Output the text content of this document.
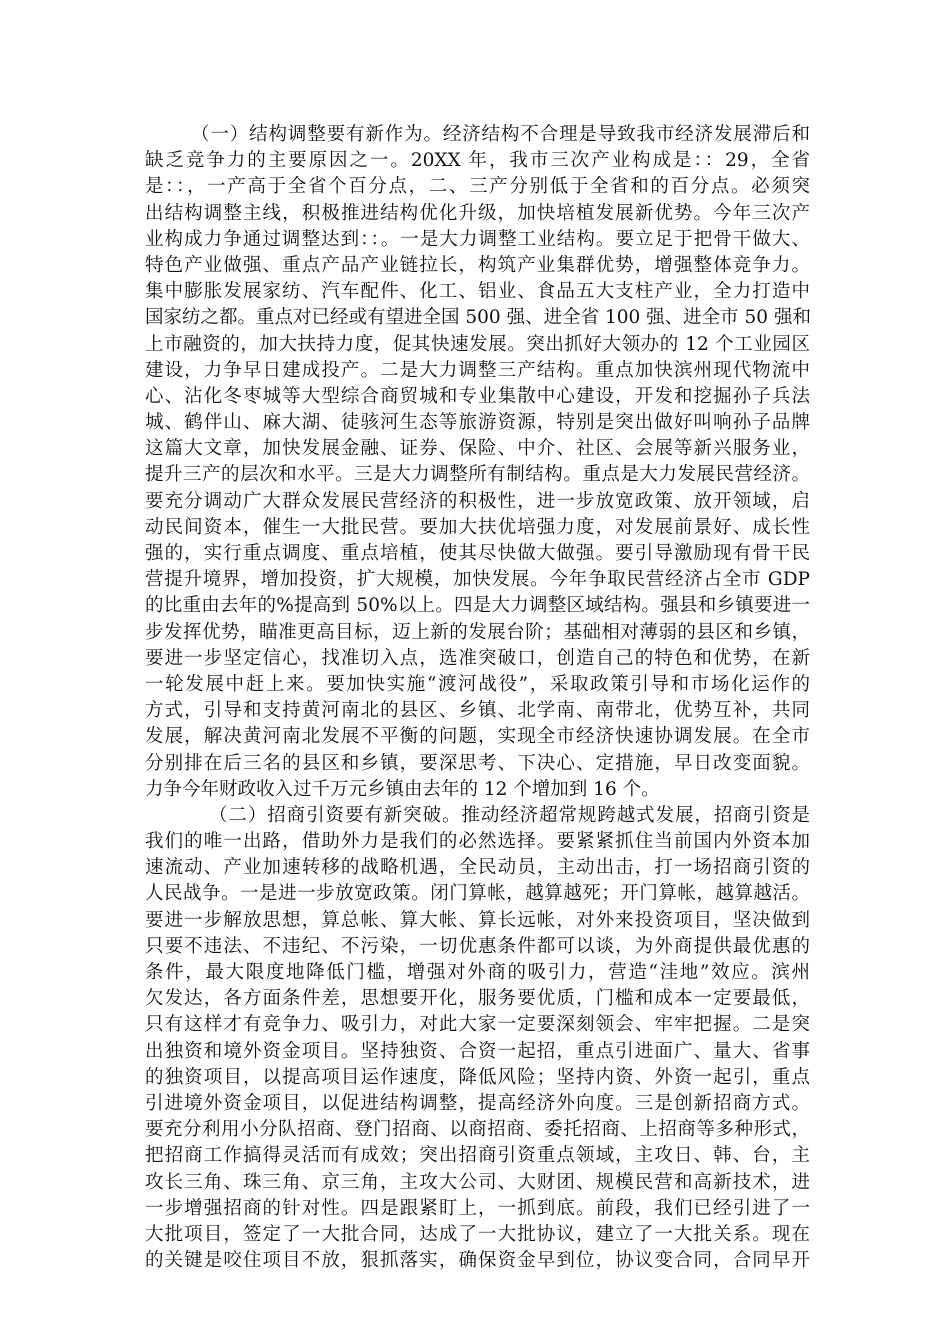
（一）结构调整要有新作为。经济结构不合理是导致我市经济发展滞后和
缺乏竞争力的主要原因之一。20XX 年，我市三次产业构成是：：29，全省
是：：，一产高于全省个百分点，二、三产分别低于全省和的百分点。必须突
出结构调整主线，积极推进结构优化升级，加快培植发展新优势。今年三次产
业构成力争通过调整达到：：。一是大力调整工业结构。要立足于把骨干做大、
特色产业做强、重点产品产业链拉长，构筑产业集群优势，增强整体竞争力。
集中膨胀发展家纺、汽车配件、化工、铝业、食品五大支柱产业，全力打造中
国家纺之都。重点对已经或有望进全国 500 强、进全省 100 强、进全市 50 强和
上市融资的，加大扶持力度，促其快速发展。突出抓好大领办的 12 个工业园区
建设，力争早日建成投产。二是大力调整三产结构。重点加快滨州现代物流中
心、沾化冬枣城等大型综合商贸城和专业集散中心建设，开发和挖掘孙子兵法
城、鹤伴山、麻大湖、徒骇河生态等旅游资源，特别是突出做好叫响孙子品牌
这篇大文章，加快发展金融、证券、保险、中介、社区、会展等新兴服务业，
提升三产的层次和水平。三是大力调整所有制结构。重点是大力发展民营经济。
要充分调动广大群众发展民营经济的积极性，进一步放宽政策、放开领域，启
动民间资本，催生一大批民营。要加大扶优培强力度，对发展前景好、成长性
强的，实行重点调度、重点培植，使其尽快做大做强。要引导激励现有骨干民
营提升境界，增加投资，扩大规模，加快发展。今年争取民营经济占全市 GDP
的比重由去年的%提高到 50%以上。四是大力调整区域结构。强县和乡镇要进一
步发挥优势，瞄准更高目标，迈上新的发展台阶；基础相对薄弱的县区和乡镇，
要进一步坚定信心，找准切入点，选准突破口，创造自己的特色和优势，在新
一轮发展中赶上来。要加快实施“渡河战役”，采取政策引导和市场化运作的
方式，引导和支持黄河南北的县区、乡镇、北学南、南带北，优势互补，共同
发展，解决黄河南北发展不平衡的问题，实现全市经济快速协调发展。在全市
分别排在后三名的县区和乡镇，要深思考、下决心、定措施，早日改变面貌。
力争今年财政收入过千万元乡镇由去年的 12 个增加到 16 个。
（二）招商引资要有新突破。推动经济超常规跨越式发展，招商引资是
我们的唯一出路，借助外力是我们的必然选择。要紧紧抓住当前国内外资本加
速流动、产业加速转移的战略机遇，全民动员，主动出击，打一场招商引资的
人民战争。一是进一步放宽政策。闭门算帐，越算越死；开门算帐，越算越活。
要进一步解放思想，算总帐、算大帐、算长远帐，对外来投资项目，坚决做到
只要不违法、不违纪、不污染，一切优惠条件都可以谈，为外商提供最优惠的
条件，最大限度地降低门槛，增强对外商的吸引力，营造“洼地”效应。滨州
欠发达，各方面条件差，思想要开化，服务要优质，门槛和成本一定要最低，
只有这样才有竞争力、吸引力，对此大家一定要深刻领会、牢牢把握。二是突
出独资和境外资金项目。坚持独资、合资一起招，重点引进面广、量大、省事
的独资项目，以提高项目运作速度，降低风险；坚持内资、外资一起引，重点
引进境外资金项目，以促进结构调整，提高经济外向度。三是创新招商方式。
要充分利用小分队招商、登门招商、以商招商、委托招商、上招商等多种形式，
把招商工作搞得灵活而有成效；突出招商引资重点领域，主攻日、韩、台，主
攻长三角、珠三角、京三角，主攻大公司、大财团、规模民营和高新技术，进
一步增强招商的针对性。四是跟紧盯上，一抓到底。前段，我们已经引进了一
大批项目，签定了一大批合同，达成了一大批协议，建立了一大批关系。现在
的关键是咬住项目不放，狠抓落实，确保资金早到位，协议变合同，合同早开
